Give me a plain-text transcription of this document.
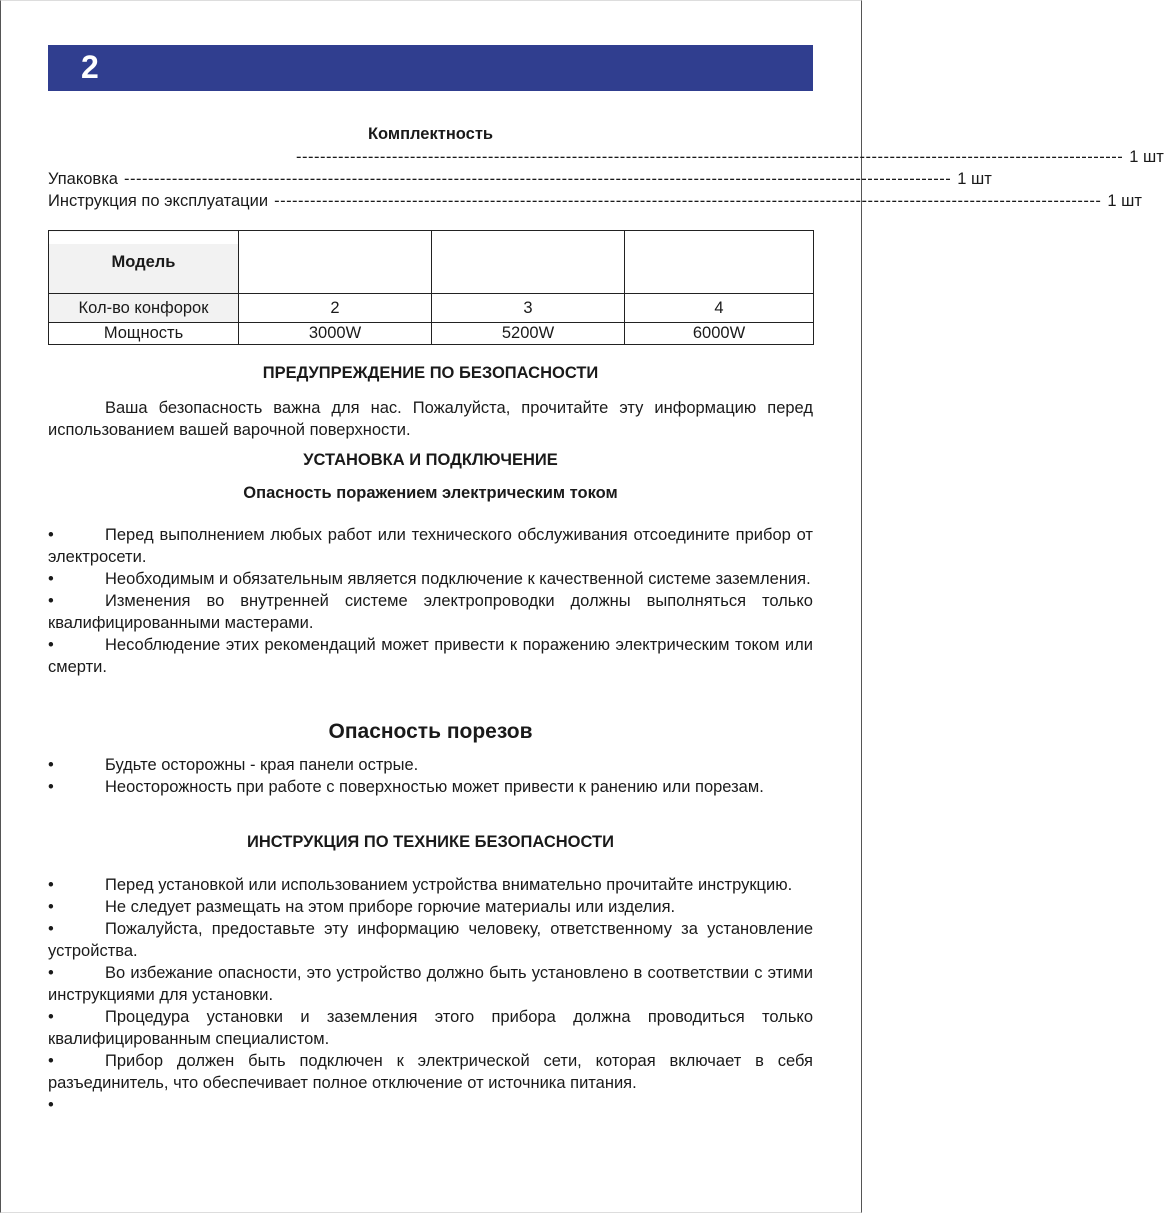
2
Комплектность
------------------------------------------------------------------------------------------------------------------------------------------ 1 шт
Упаковка ------------------------------------------------------------------------------------------------------------------------------------------ 1 шт
Инструкция по эксплуатации ------------------------------------------------------------------------------------------------------------------------------------------ 1 шт
Модель			
Кол-во конфорок	2	3	4
Мощность	3000W	5200W	6000W
ПРЕДУПРЕЖДЕНИЕ ПО БЕЗОПАСНОСТИ
Ваша безопасность важна для нас. Пожалуйста, прочитайте эту информацию перед использованием вашей варочной поверхности.
УСТАНОВКА И ПОДКЛЮЧЕНИЕ
Опасность поражением электрическим током
•	Перед выполнением любых работ или технического обслуживания отсоедините прибор от электросети.
•	Необходимым и обязательным является подключение к качественной системе заземления.
•	Изменения во внутренней системе электропроводки должны выполняться только квалифицированными мастерами.
•	Несоблюдение этих рекомендаций может привести к поражению электрическим током или смерти.
Опасность порезов
•	Будьте осторожны - края панели острые.
•	Неосторожность при работе с поверхностью может привести к ранению или порезам.
ИНСТРУКЦИЯ ПО ТЕХНИКЕ БЕЗОПАСНОСТИ
•	Перед установкой или использованием устройства внимательно прочитайте инструкцию.
•	Не следует размещать на этом приборе горючие материалы или изделия.
•	Пожалуйста, предоставьте эту информацию человеку, ответственному за установление устройства.
•	Во избежание опасности, это устройство должно быть установлено в соответствии с этими инструкциями для установки.
•	Процедура установки и заземления этого прибора должна проводиться только квалифицированным специалистом.
•	Прибор должен быть подключен к электрической сети, которая включает в себя разъединитель, что обеспечивает полное отключение от источника питания.
•
